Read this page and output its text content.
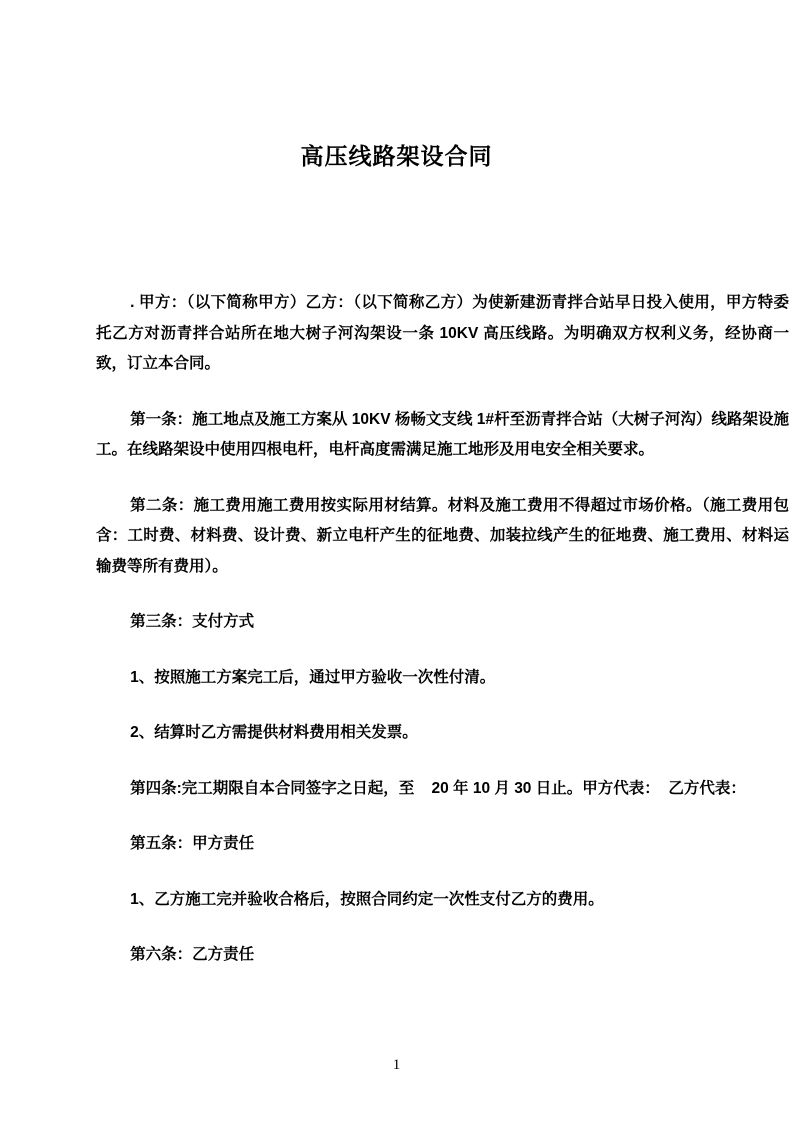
高压线路架设合同

. 甲方：（以下简称甲方）乙方：（以下简称乙方）为使新建沥青拌合站早日投入使用，甲方特委托乙方对沥青拌合站所在地大树子河沟架设一条 10KV 高压线路。为明确双方权利义务，经协商一致，订立本合同。

第一条：施工地点及施工方案从 10KV 杨畅文支线 1#杆至沥青拌合站（大树子河沟）线路架设施工。在线路架设中使用四根电杆，电杆高度需满足施工地形及用电安全相关要求。

第二条：施工费用施工费用按实际用材结算。材料及施工费用不得超过市场价格。（施工费用包含：工时费、材料费、设计费、新立电杆产生的征地费、加装拉线产生的征地费、施工费用、材料运输费等所有费用）。

第三条：支付方式

1、按照施工方案完工后，通过甲方验收一次性付清。

2、结算时乙方需提供材料费用相关发票。

第四条:完工期限自本合同签字之日起，至    20 年 10 月 30 日止。甲方代表：  乙方代表：

第五条：甲方责任

1、乙方施工完并验收合格后，按照合同约定一次性支付乙方的费用。

第六条：乙方责任

1
